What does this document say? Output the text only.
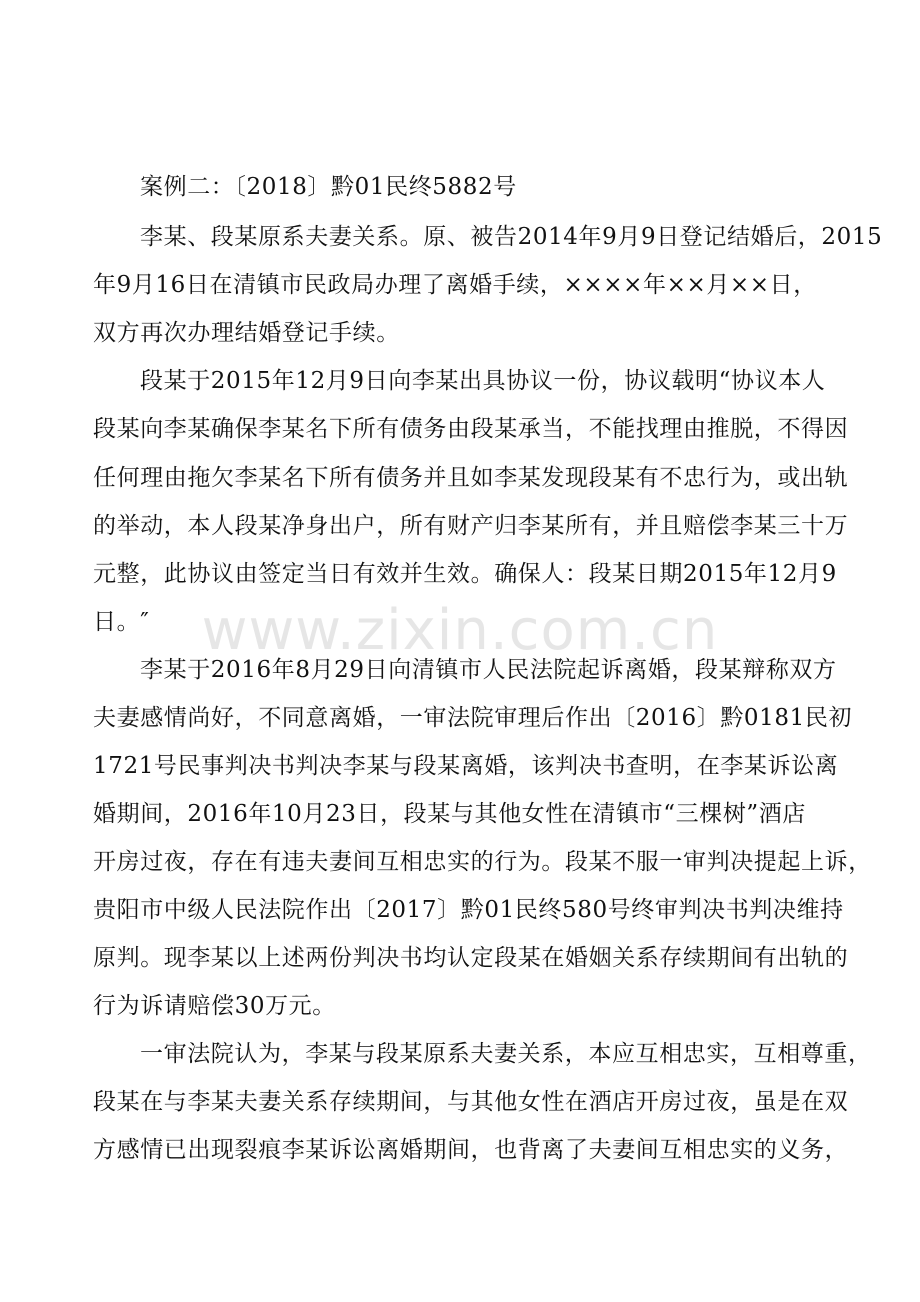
www.zixin.com.cn
案例二：〔2018〕黔01民终5882号
李某、段某原系夫妻关系。原、被告2014年9月9日登记结婚后，2015
年9月16日在清镇市民政局办理了离婚手续，××××年××月××日，
双方再次办理结婚登记手续。
段某于2015年12月9日向李某出具协议一份，协议载明“协议本人
段某向李某确保李某名下所有债务由段某承当，不能找理由推脱，不得因
任何理由拖欠李某名下所有债务并且如李某发现段某有不忠行为，或出轨
的举动，本人段某净身出户，所有财产归李某所有，并且赔偿李某三十万
元整，此协议由签定当日有效并生效。确保人：段某日期2015年12月9
日。″
李某于2016年8月29日向清镇市人民法院起诉离婚，段某辩称双方
夫妻感情尚好，不同意离婚，一审法院审理后作出〔2016〕黔0181民初
1721号民事判决书判决李某与段某离婚，该判决书查明，在李某诉讼离
婚期间，2016年10月23日，段某与其他女性在清镇市“三棵树”酒店
开房过夜，存在有违夫妻间互相忠实的行为。段某不服一审判决提起上诉，
贵阳市中级人民法院作出〔2017〕黔01民终580号终审判决书判决维持
原判。现李某以上述两份判决书均认定段某在婚姻关系存续期间有出轨的
行为诉请赔偿30万元。
一审法院认为，李某与段某原系夫妻关系，本应互相忠实，互相尊重，
段某在与李某夫妻关系存续期间，与其他女性在酒店开房过夜，虽是在双
方感情已出现裂痕李某诉讼离婚期间，也背离了夫妻间互相忠实的义务，
